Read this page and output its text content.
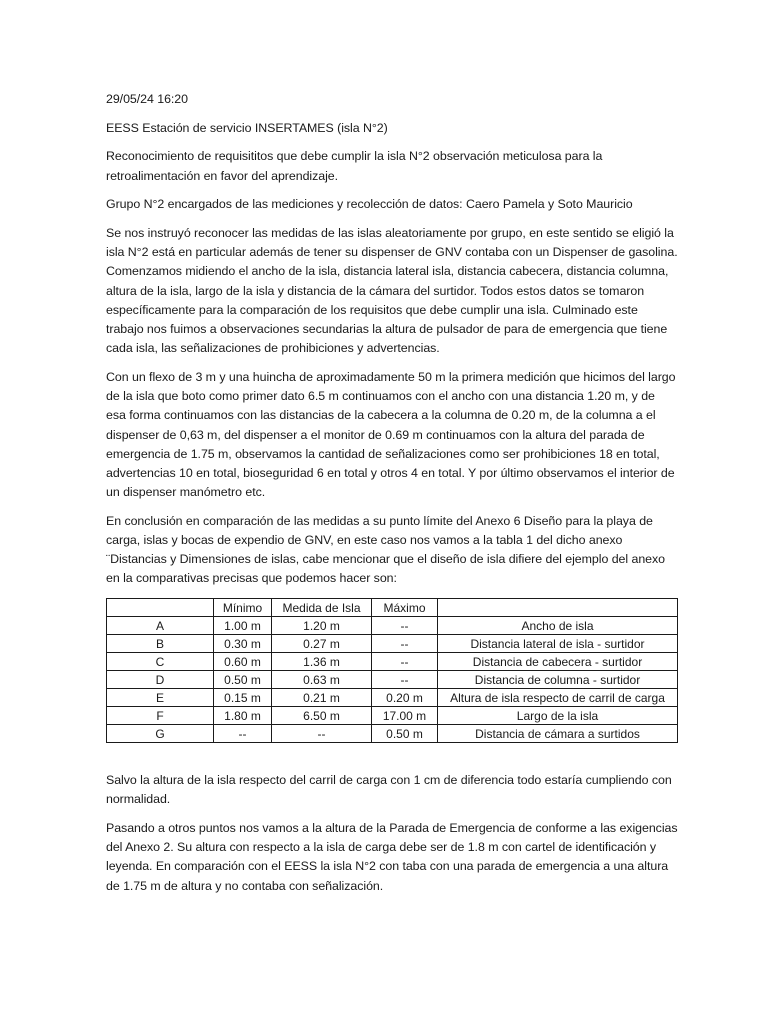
29/05/24 16:20

EESS Estación de servicio INSERTAMES (isla N°2)

Reconocimiento de requisititos que debe cumplir la isla N°2 observación meticulosa para la retroalimentación en favor del aprendizaje.

Grupo N°2 encargados de las mediciones y recolección de datos: Caero Pamela y Soto Mauricio

Se nos instruyó reconocer las medidas de las islas aleatoriamente por grupo, en este sentido se eligió la isla N°2 está en particular además de tener su dispenser de GNV contaba con un Dispenser de gasolina. Comenzamos midiendo el ancho de la isla, distancia lateral isla, distancia cabecera, distancia columna, altura de la isla, largo de la isla y distancia de la cámara del surtidor. Todos estos datos se tomaron específicamente para la comparación de los requisitos que debe cumplir una isla. Culminado este trabajo nos fuimos a observaciones secundarias la altura de pulsador de para de emergencia que tiene cada isla, las señalizaciones de prohibiciones y advertencias.

Con un flexo de 3 m y una huincha de aproximadamente 50 m la primera medición que hicimos del largo de la isla que boto como primer dato 6.5 m continuamos con el ancho con una distancia 1.20 m, y de esa forma continuamos con las distancias de la cabecera a la columna de 0.20 m, de la columna a el dispenser de 0,63 m, del dispenser a el monitor de 0.69 m continuamos con la altura del parada de emergencia de 1.75 m, observamos la cantidad de señalizaciones como ser prohibiciones 18 en total, advertencias 10 en total, bioseguridad 6 en total y otros 4 en total. Y por último observamos el interior de un dispenser manómetro etc.

En conclusión en comparación de las medidas a su punto límite del Anexo 6 Diseño para la playa de carga, islas y bocas de expendio de GNV, en este caso nos vamos a la tabla 1 del dicho anexo ¨Distancias y Dimensiones de islas, cabe mencionar que el diseño de isla difiere del ejemplo del anexo en la comparativas precisas que podemos hacer son:

	Mínimo	Medida de Isla	Máximo	
A	1.00 m	1.20 m	--	Ancho de isla
B	0.30 m	0.27 m	--	Distancia lateral de isla - surtidor
C	0.60 m	1.36 m	--	Distancia de cabecera - surtidor
D	0.50 m	0.63 m	--	Distancia de columna - surtidor
E	0.15 m	0.21 m	0.20 m	Altura de isla respecto de carril de carga
F	1.80 m	6.50 m	17.00 m	Largo de la isla
G	--	--	0.50 m	Distancia de cámara a surtidos

Salvo la altura de la isla respecto del carril de carga con 1 cm de diferencia todo estaría cumpliendo con normalidad.

Pasando a otros puntos nos vamos a la altura de la Parada de Emergencia de conforme a las exigencias del Anexo 2. Su altura con respecto a la isla de carga debe ser de 1.8 m con cartel de identificación y leyenda. En comparación con el EESS la isla N°2 con taba con una parada de emergencia a una altura de 1.75 m de altura y no contaba con señalización.
